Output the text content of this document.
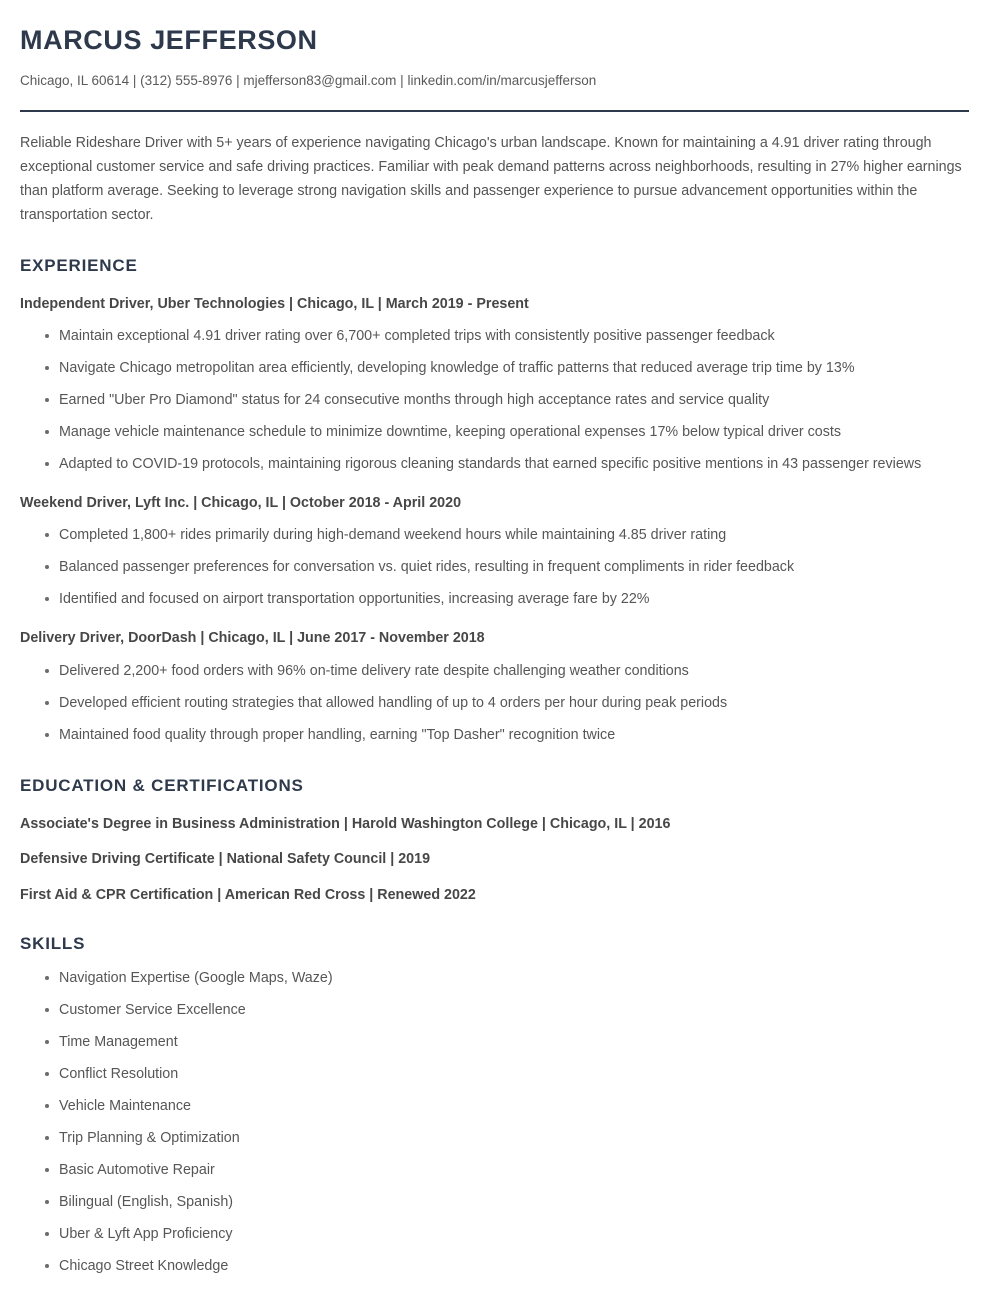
MARCUS JEFFERSON
Chicago, IL 60614 | (312) 555-8976 | mjefferson83@gmail.com | linkedin.com/in/marcusjefferson

Reliable Rideshare Driver with 5+ years of experience navigating Chicago's urban landscape. Known for maintaining a 4.91 driver rating through exceptional customer service and safe driving practices. Familiar with peak demand patterns across neighborhoods, resulting in 27% higher earnings than platform average. Seeking to leverage strong navigation skills and passenger experience to pursue advancement opportunities within the transportation sector.

EXPERIENCE
Independent Driver, Uber Technologies | Chicago, IL | March 2019 - Present
Maintain exceptional 4.91 driver rating over 6,700+ completed trips with consistently positive passenger feedback
Navigate Chicago metropolitan area efficiently, developing knowledge of traffic patterns that reduced average trip time by 13%
Earned "Uber Pro Diamond" status for 24 consecutive months through high acceptance rates and service quality
Manage vehicle maintenance schedule to minimize downtime, keeping operational expenses 17% below typical driver costs
Adapted to COVID-19 protocols, maintaining rigorous cleaning standards that earned specific positive mentions in 43 passenger reviews
Weekend Driver, Lyft Inc. | Chicago, IL | October 2018 - April 2020
Completed 1,800+ rides primarily during high-demand weekend hours while maintaining 4.85 driver rating
Balanced passenger preferences for conversation vs. quiet rides, resulting in frequent compliments in rider feedback
Identified and focused on airport transportation opportunities, increasing average fare by 22%
Delivery Driver, DoorDash | Chicago, IL | June 2017 - November 2018
Delivered 2,200+ food orders with 96% on-time delivery rate despite challenging weather conditions
Developed efficient routing strategies that allowed handling of up to 4 orders per hour during peak periods
Maintained food quality through proper handling, earning "Top Dasher" recognition twice
EDUCATION & CERTIFICATIONS
Associate's Degree in Business Administration | Harold Washington College | Chicago, IL | 2016
Defensive Driving Certificate | National Safety Council | 2019
First Aid & CPR Certification | American Red Cross | Renewed 2022
SKILLS
Navigation Expertise (Google Maps, Waze)
Customer Service Excellence
Time Management
Conflict Resolution
Vehicle Maintenance
Trip Planning & Optimization
Basic Automotive Repair
Bilingual (English, Spanish)
Uber & Lyft App Proficiency
Chicago Street Knowledge
